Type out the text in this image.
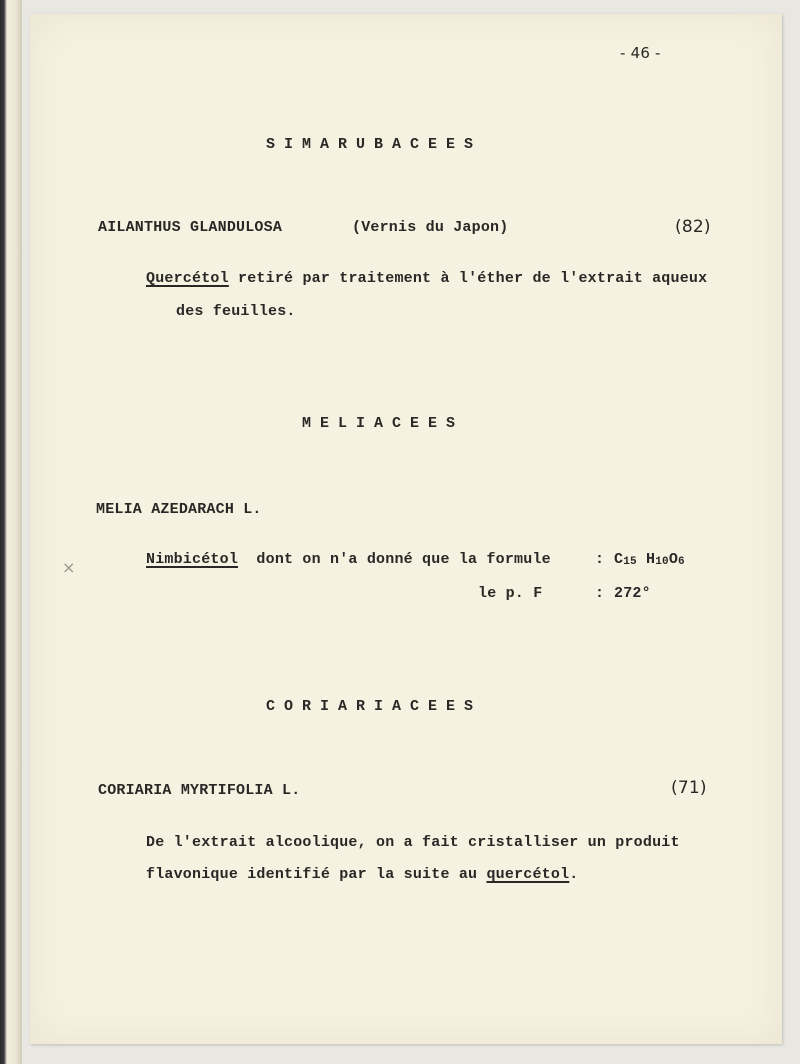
- 46 -
S I M A R U B A C E E S
AILANTHUS GLANDULOSA	(Vernis du Japon)	(82)
Quercétol retiré par traitement à l'éther de l'extrait aqueux
des feuilles.
M E L I A C E E S
MELIA AZEDARACH L.
Nimbicétol  dont on n'a donné que la formule	: $C_{15}$ $H_{10}O_6$
le p. F	: 272°
C O R I A R I A C E E S
CORIARIA MYRTIFOLIA L.	(71)
De l'extrait alcoolique, on a fait cristalliser un produit
flavonique identifié par la suite au quercétol.
×
